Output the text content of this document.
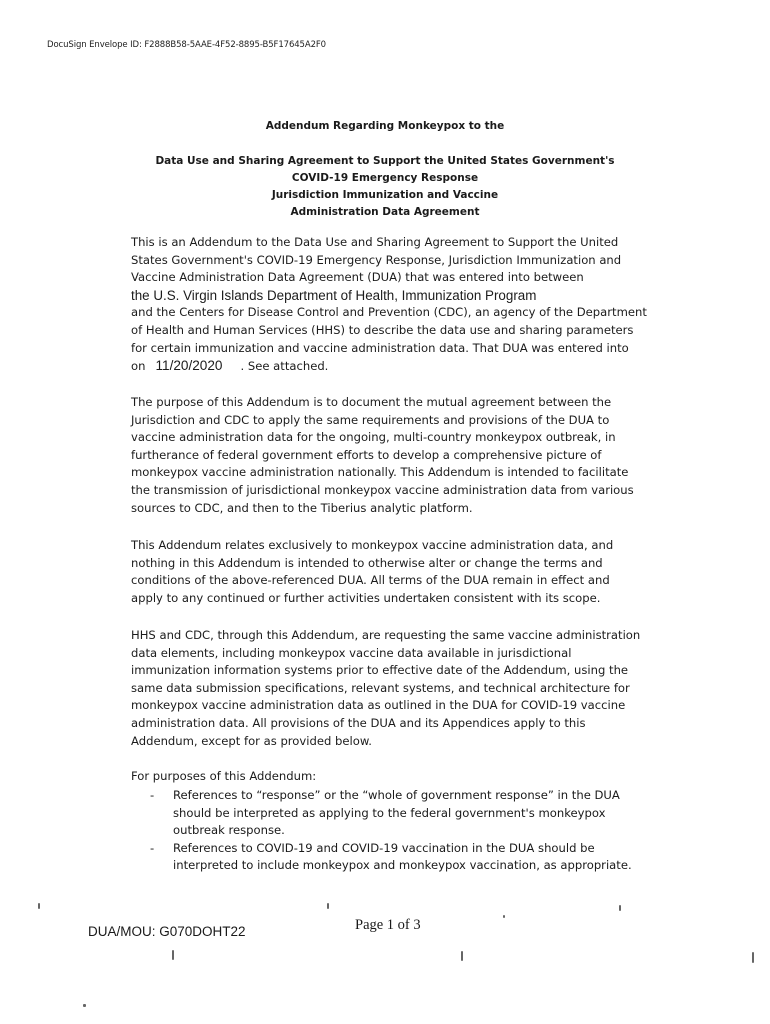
DocuSign Envelope ID: F2888B58-5AAE-4F52-8895-B5F17645A2F0
Addendum Regarding Monkeypox to the
Data Use and Sharing Agreement to Support the United States Government's
COVID-19 Emergency Response
Jurisdiction Immunization and Vaccine
Administration Data Agreement
This is an Addendum to the Data Use and Sharing Agreement to Support the United
States Government's COVID-19 Emergency Response, Jurisdiction Immunization and
Vaccine Administration Data Agreement (DUA) that was entered into between
the U.S. Virgin Islands Department of Health, Immunization Program
and the Centers for Disease Control and Prevention (CDC), an agency of the Department
of Health and Human Services (HHS) to describe the data use and sharing parameters
for certain immunization and vaccine administration data. That DUA was entered into
on 11/20/2020 . See attached.
The purpose of this Addendum is to document the mutual agreement between the
Jurisdiction and CDC to apply the same requirements and provisions of the DUA to
vaccine administration data for the ongoing, multi-country monkeypox outbreak, in
furtherance of federal government efforts to develop a comprehensive picture of
monkeypox vaccine administration nationally. This Addendum is intended to facilitate
the transmission of jurisdictional monkeypox vaccine administration data from various
sources to CDC, and then to the Tiberius analytic platform.
This Addendum relates exclusively to monkeypox vaccine administration data, and
nothing in this Addendum is intended to otherwise alter or change the terms and
conditions of the above-referenced DUA. All terms of the DUA remain in effect and
apply to any continued or further activities undertaken consistent with its scope.
HHS and CDC, through this Addendum, are requesting the same vaccine administration
data elements, including monkeypox vaccine data available in jurisdictional
immunization information systems prior to effective date of the Addendum, using the
same data submission specifications, relevant systems, and technical architecture for
monkeypox vaccine administration data as outlined in the DUA for COVID-19 vaccine
administration data. All provisions of the DUA and its Appendices apply to this
Addendum, except for as provided below.
For purposes of this Addendum:
- References to “response” or the “whole of government response” in the DUA
should be interpreted as applying to the federal government's monkeypox
outbreak response.
- References to COVID-19 and COVID-19 vaccination in the DUA should be
interpreted to include monkeypox and monkeypox vaccination, as appropriate.
DUA/MOU: G070DOHT22	Page 1 of 3
